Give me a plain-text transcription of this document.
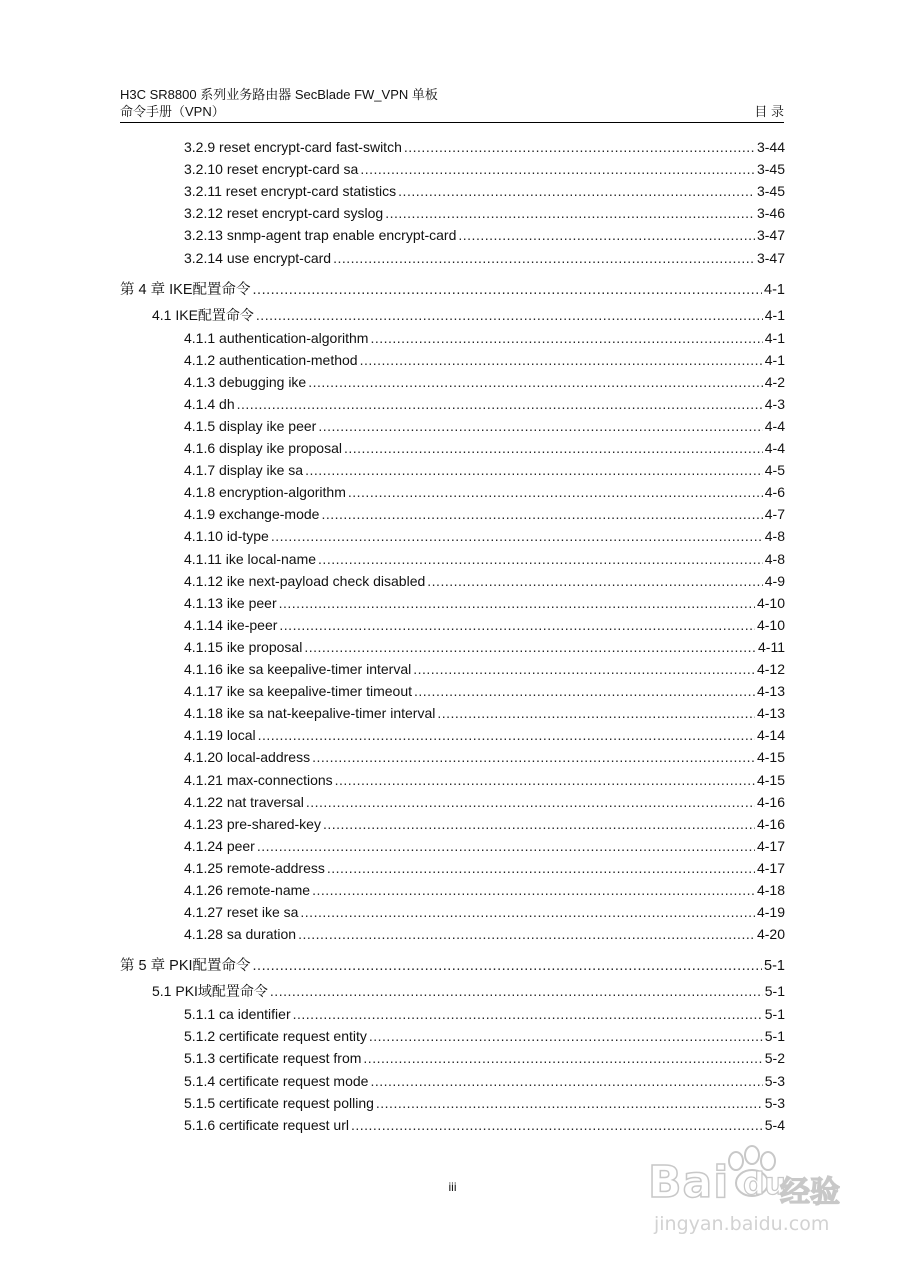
H3C SR8800 系列业务路由器 SecBlade FW_VPN 单板
命令手册（VPN）	目 录
3.2.9 reset encrypt-card fast-switch .....	3-44
3.2.10 reset encrypt-card sa .....	3-45
3.2.11 reset encrypt-card statistics .....	3-45
3.2.12 reset encrypt-card syslog .....	3-46
3.2.13 snmp-agent trap enable encrypt-card .....	3-47
3.2.14 use encrypt-card .....	3-47
第 4 章 IKE配置命令 .....	4-1
4.1 IKE配置命令 .....	4-1
4.1.1 authentication-algorithm .....	4-1
4.1.2 authentication-method .....	4-1
4.1.3 debugging ike .....	4-2
4.1.4 dh .....	4-3
4.1.5 display ike peer .....	4-4
4.1.6 display ike proposal .....	4-4
4.1.7 display ike sa .....	4-5
4.1.8 encryption-algorithm .....	4-6
4.1.9 exchange-mode .....	4-7
4.1.10 id-type .....	4-8
4.1.11 ike local-name .....	4-8
4.1.12 ike next-payload check disabled .....	4-9
4.1.13 ike peer .....	4-10
4.1.14 ike-peer .....	4-10
4.1.15 ike proposal .....	4-11
4.1.16 ike sa keepalive-timer interval .....	4-12
4.1.17 ike sa keepalive-timer timeout .....	4-13
4.1.18 ike sa nat-keepalive-timer interval .....	4-13
4.1.19 local .....	4-14
4.1.20 local-address .....	4-15
4.1.21 max-connections .....	4-15
4.1.22 nat traversal .....	4-16
4.1.23 pre-shared-key .....	4-16
4.1.24 peer .....	4-17
4.1.25 remote-address .....	4-17
4.1.26 remote-name .....	4-18
4.1.27 reset ike sa .....	4-19
4.1.28 sa duration .....	4-20
第 5 章 PKI配置命令 .....	5-1
5.1 PKI域配置命令 .....	5-1
5.1.1 ca identifier .....	5-1
5.1.2 certificate request entity .....	5-1
5.1.3 certificate request from .....	5-2
5.1.4 certificate request mode .....	5-3
5.1.5 certificate request polling .....	5-3
5.1.6 certificate request url .....	5-4
iii	Bai du
经验
jingyan.baidu.com
